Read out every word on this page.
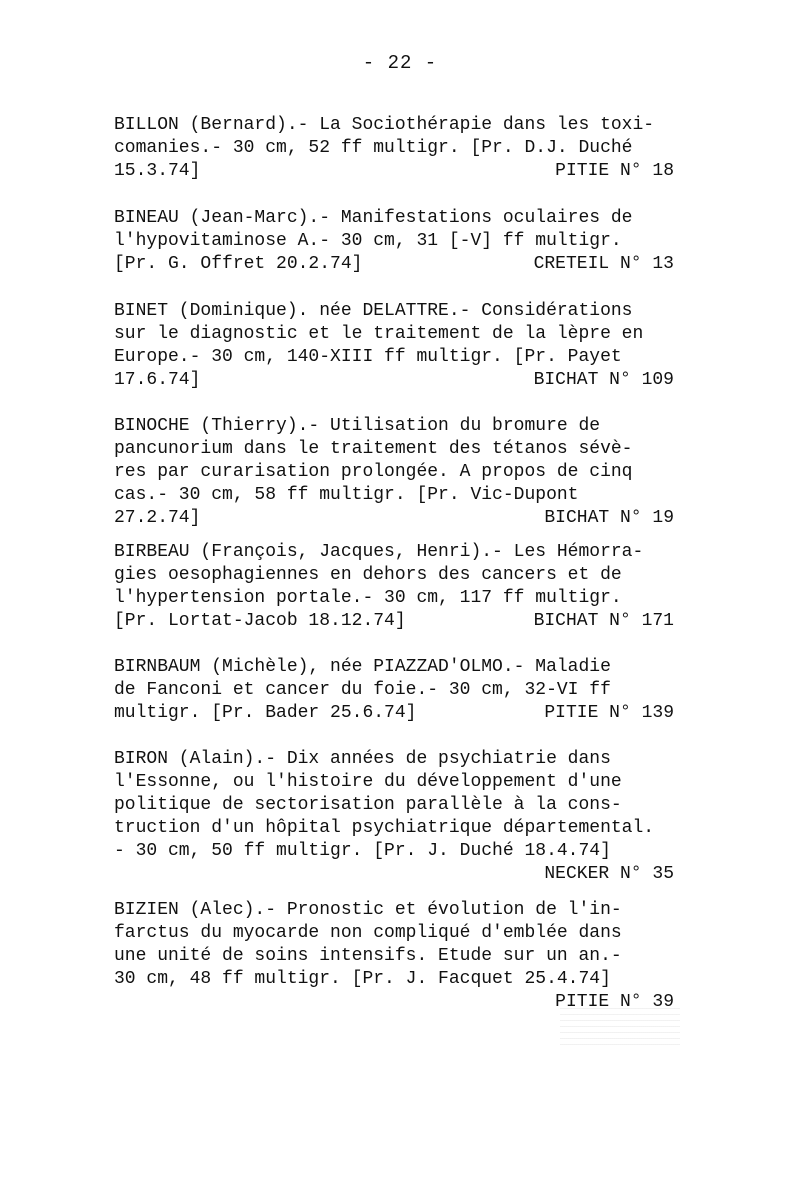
- 22 -
BILLON (Bernard).- La Sociothérapie dans les toxi-
comanies.- 30 cm, 52 ff multigr. [Pr. D.J. Duché
15.3.74]	PITIE N° 18
BINEAU (Jean-Marc).- Manifestations oculaires de
l'hypovitaminose A.- 30 cm, 31 [-V] ff multigr.
[Pr. G. Offret 20.2.74]	CRETEIL N° 13
BINET (Dominique). née DELATTRE.- Considérations
sur le diagnostic et le traitement de la lèpre en
Europe.- 30 cm, 140-XIII ff multigr. [Pr. Payet
17.6.74]	BICHAT N° 109
BINOCHE (Thierry).- Utilisation du bromure de
pancunorium dans le traitement des tétanos sévè-
res par curarisation prolongée. A propos de cinq
cas.- 30 cm, 58 ff multigr. [Pr. Vic-Dupont
27.2.74]	BICHAT N° 19
BIRBEAU (François, Jacques, Henri).- Les Hémorra-
gies oesophagiennes en dehors des cancers et de
l'hypertension portale.- 30 cm, 117 ff multigr.
[Pr. Lortat-Jacob 18.12.74]	BICHAT N° 171
BIRNBAUM (Michèle), née PIAZZAD'OLMO.- Maladie
de Fanconi et cancer du foie.- 30 cm, 32-VI ff
multigr. [Pr. Bader 25.6.74]	PITIE N° 139
BIRON (Alain).- Dix années de psychiatrie dans
l'Essonne, ou l'histoire du développement d'une
politique de sectorisation parallèle à la cons-
truction d'un hôpital psychiatrique départemental.
- 30 cm, 50 ff multigr. [Pr. J. Duché 18.4.74]
NECKER N° 35
BIZIEN (Alec).- Pronostic et évolution de l'in-
farctus du myocarde non compliqué d'emblée dans
une unité de soins intensifs. Etude sur un an.-
30 cm, 48 ff multigr. [Pr. J. Facquet 25.4.74]
PITIE N° 39
